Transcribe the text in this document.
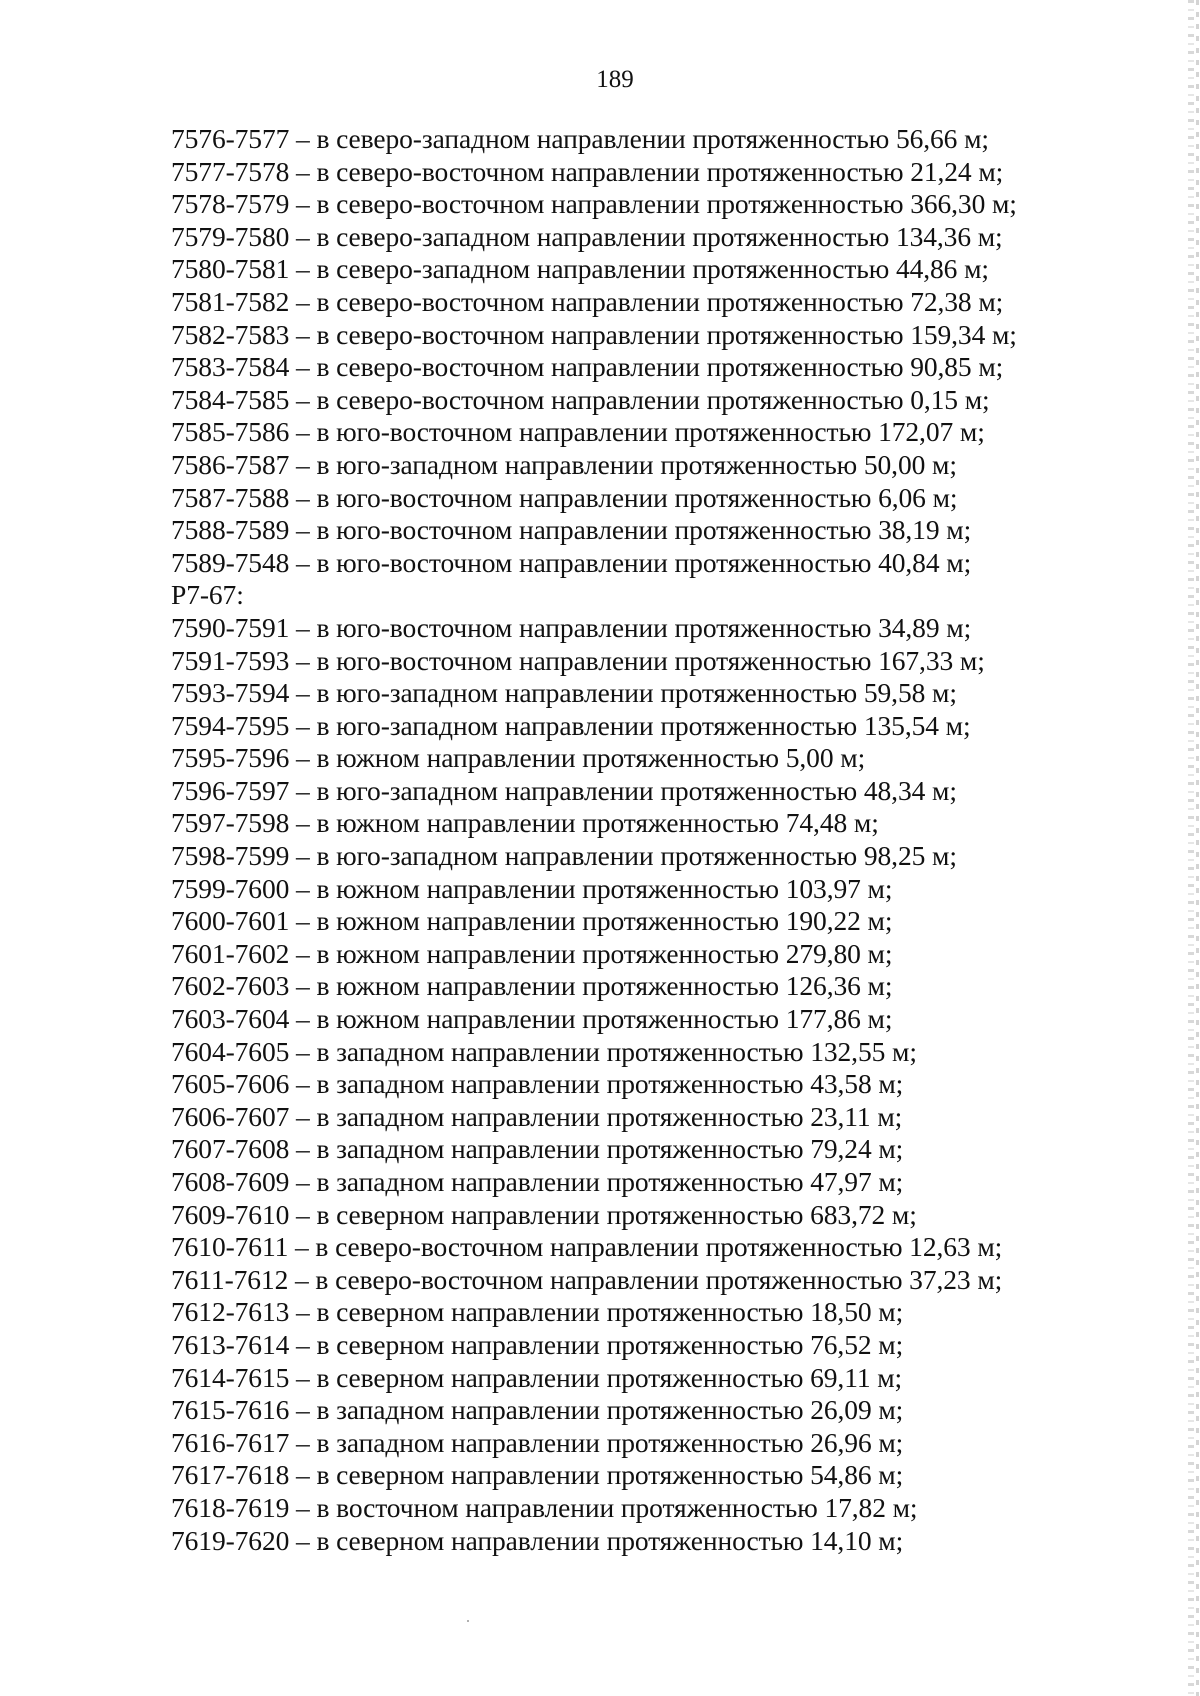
189
7576-7577 – в северо-западном направлении протяженностью 56,66 м;
7577-7578 – в северо-восточном направлении протяженностью 21,24 м;
7578-7579 – в северо-восточном направлении протяженностью 366,30 м;
7579-7580 – в северо-западном направлении протяженностью 134,36 м;
7580-7581 – в северо-западном направлении протяженностью 44,86 м;
7581-7582 – в северо-восточном направлении протяженностью 72,38 м;
7582-7583 – в северо-восточном направлении протяженностью 159,34 м;
7583-7584 – в северо-восточном направлении протяженностью 90,85 м;
7584-7585 – в северо-восточном направлении протяженностью 0,15 м;
7585-7586 – в юго-восточном направлении протяженностью 172,07 м;
7586-7587 – в юго-западном направлении протяженностью 50,00 м;
7587-7588 – в юго-восточном направлении протяженностью 6,06 м;
7588-7589 – в юго-восточном направлении протяженностью 38,19 м;
7589-7548 – в юго-восточном направлении протяженностью 40,84 м;
Р7-67:
7590-7591 – в юго-восточном направлении протяженностью 34,89 м;
7591-7593 – в юго-восточном направлении протяженностью 167,33 м;
7593-7594 – в юго-западном направлении протяженностью 59,58 м;
7594-7595 – в юго-западном направлении протяженностью 135,54 м;
7595-7596 – в южном направлении протяженностью 5,00 м;
7596-7597 – в юго-западном направлении протяженностью 48,34 м;
7597-7598 – в южном направлении протяженностью 74,48 м;
7598-7599 – в юго-западном направлении протяженностью 98,25 м;
7599-7600 – в южном направлении протяженностью 103,97 м;
7600-7601 – в южном направлении протяженностью 190,22 м;
7601-7602 – в южном направлении протяженностью 279,80 м;
7602-7603 – в южном направлении протяженностью 126,36 м;
7603-7604 – в южном направлении протяженностью 177,86 м;
7604-7605 – в западном направлении протяженностью 132,55 м;
7605-7606 – в западном направлении протяженностью 43,58 м;
7606-7607 – в западном направлении протяженностью 23,11 м;
7607-7608 – в западном направлении протяженностью 79,24 м;
7608-7609 – в западном направлении протяженностью 47,97 м;
7609-7610 – в северном направлении протяженностью 683,72 м;
7610-7611 – в северо-восточном направлении протяженностью 12,63 м;
7611-7612 – в северо-восточном направлении протяженностью 37,23 м;
7612-7613 – в северном направлении протяженностью 18,50 м;
7613-7614 – в северном направлении протяженностью 76,52 м;
7614-7615 – в северном направлении протяженностью 69,11 м;
7615-7616 – в западном направлении протяженностью 26,09 м;
7616-7617 – в западном направлении протяженностью 26,96 м;
7617-7618 – в северном направлении протяженностью 54,86 м;
7618-7619 – в восточном направлении протяженностью 17,82 м;
7619-7620 – в северном направлении протяженностью 14,10 м;
